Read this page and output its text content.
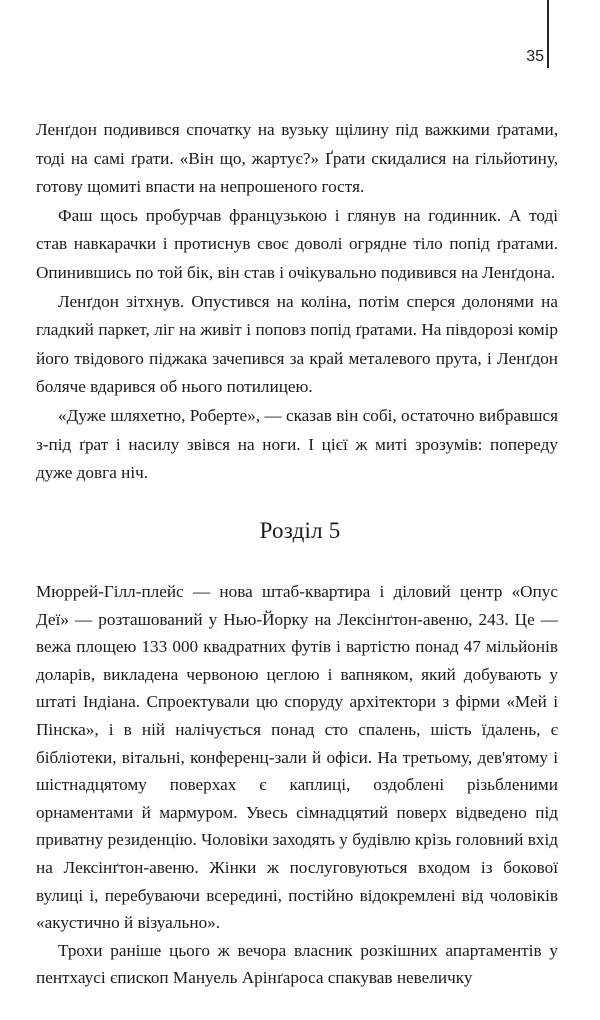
35

Ленґдон подивився спочатку на вузьку щілину під важкими ґратами, тоді на самі ґрати. «Він що, жартує?» Ґрати скидалися на гільйотину, готову щомиті впасти на непрошеного гостя.

Фаш щось пробурчав французькою і глянув на годинник. А тоді став навкарачки і протиснув своє доволі огрядне тіло попід ґратами. Опинившись по той бік, він став і очікувально подивився на Ленґдона.

Ленґдон зітхнув. Опустився на коліна, потім сперся долонями на гладкий паркет, ліг на живіт і поповз попід ґратами. На півдорозі комір його твідового піджака зачепився за край металевого прута, і Ленґдон боляче вдарився об нього потилицею.

«Дуже шляхетно, Роберте», — сказав він собі, остаточно вибравшся з-під ґрат і насилу звівся на ноги. І цієї ж миті зрозумів: попереду дуже довга ніч.

Розділ 5

Мюррей-Гілл-плейс — нова штаб-квартира і діловий центр «Опус Деї» — розташований у Нью-Йорку на Лексінґтон-авеню, 243. Це — вежа площею 133 000 квадратних футів і вартістю понад 47 мільйонів доларів, викладена червоною цеглою і вапняком, який добувають у штаті Індіана. Спроектували цю споруду архітектори з фірми «Мей і Пінска», і в ній налічується понад сто спалень, шість їдалень, є бібліотеки, вітальні, конференц-зали й офіси. На третьому, дев'ятому і шістнадцятому поверхах є каплиці, оздоблені різьбленими орнаментами й мармуром. Увесь сімнадцятий поверх відведено під приватну резиденцію. Чоловіки заходять у будівлю крізь головний вхід на Лексінґтон-авеню. Жінки ж послуговуються входом із бокової вулиці і, перебуваючи всередині, постійно відокремлені від чоловіків «акустично й візуально».

Трохи раніше цього ж вечора власник розкішних апартаментів у пентхаусі єпископ Мануель Арінґароса спакував невеличку
